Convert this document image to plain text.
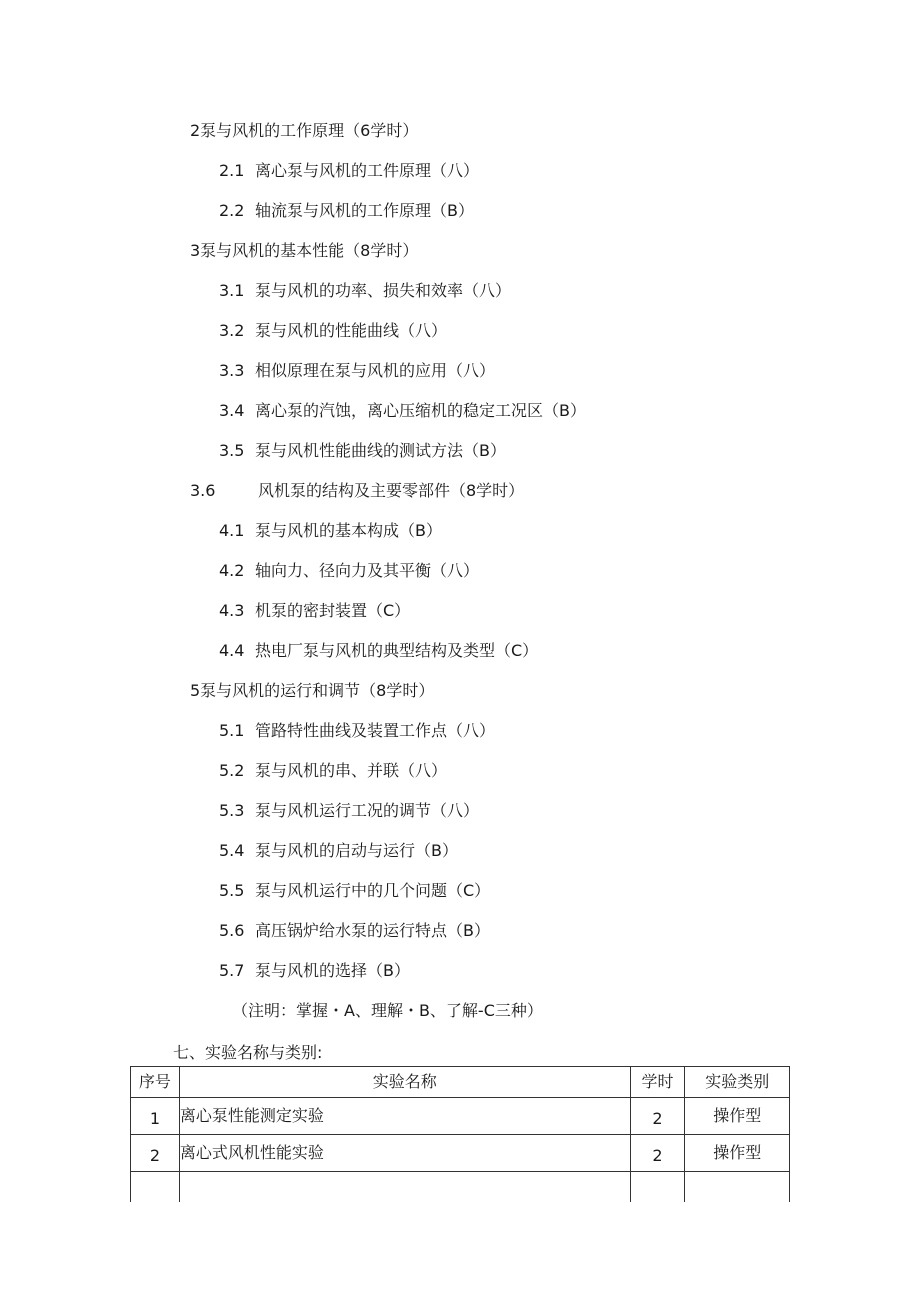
2泵与风机的工作原理（6学时）
2.1 离心泵与风机的工件原理（八）
2.2 轴流泵与风机的工作原理（B）
3泵与风机的基本性能（8学时）
3.1 泵与风机的功率、损失和效率（八）
3.2 泵与风机的性能曲线（八）
3.3 相似原理在泵与风机的应用（八）
3.4 离心泵的汽蚀，离心压缩机的稳定工况区（B）
3.5 泵与风机性能曲线的测试方法（B）
3.6	风机泵的结构及主要零部件（8学时）
4.1 泵与风机的基本构成（B）
4.2 轴向力、径向力及其平衡（八）
4.3 机泵的密封装置（C）
4.4 热电厂泵与风机的典型结构及类型（C）
5泵与风机的运行和调节（8学时）
5.1 管路特性曲线及装置工作点（八）
5.2 泵与风机的串、并联（八）
5.3 泵与风机运行工况的调节（八）
5.4 泵与风机的启动与运行（B）
5.5 泵与风机运行中的几个问题（C）
5.6 高压锅炉给水泵的运行特点（B）
5.7 泵与风机的选择（B）
（注明：掌握・A、理解・B、了解-C三种）
七、实验名称与类别:
序号	实验名称	学时	实验类别
1	离心泵性能测定实验	2	操作型
2	离心式风机性能实验	2	操作型
